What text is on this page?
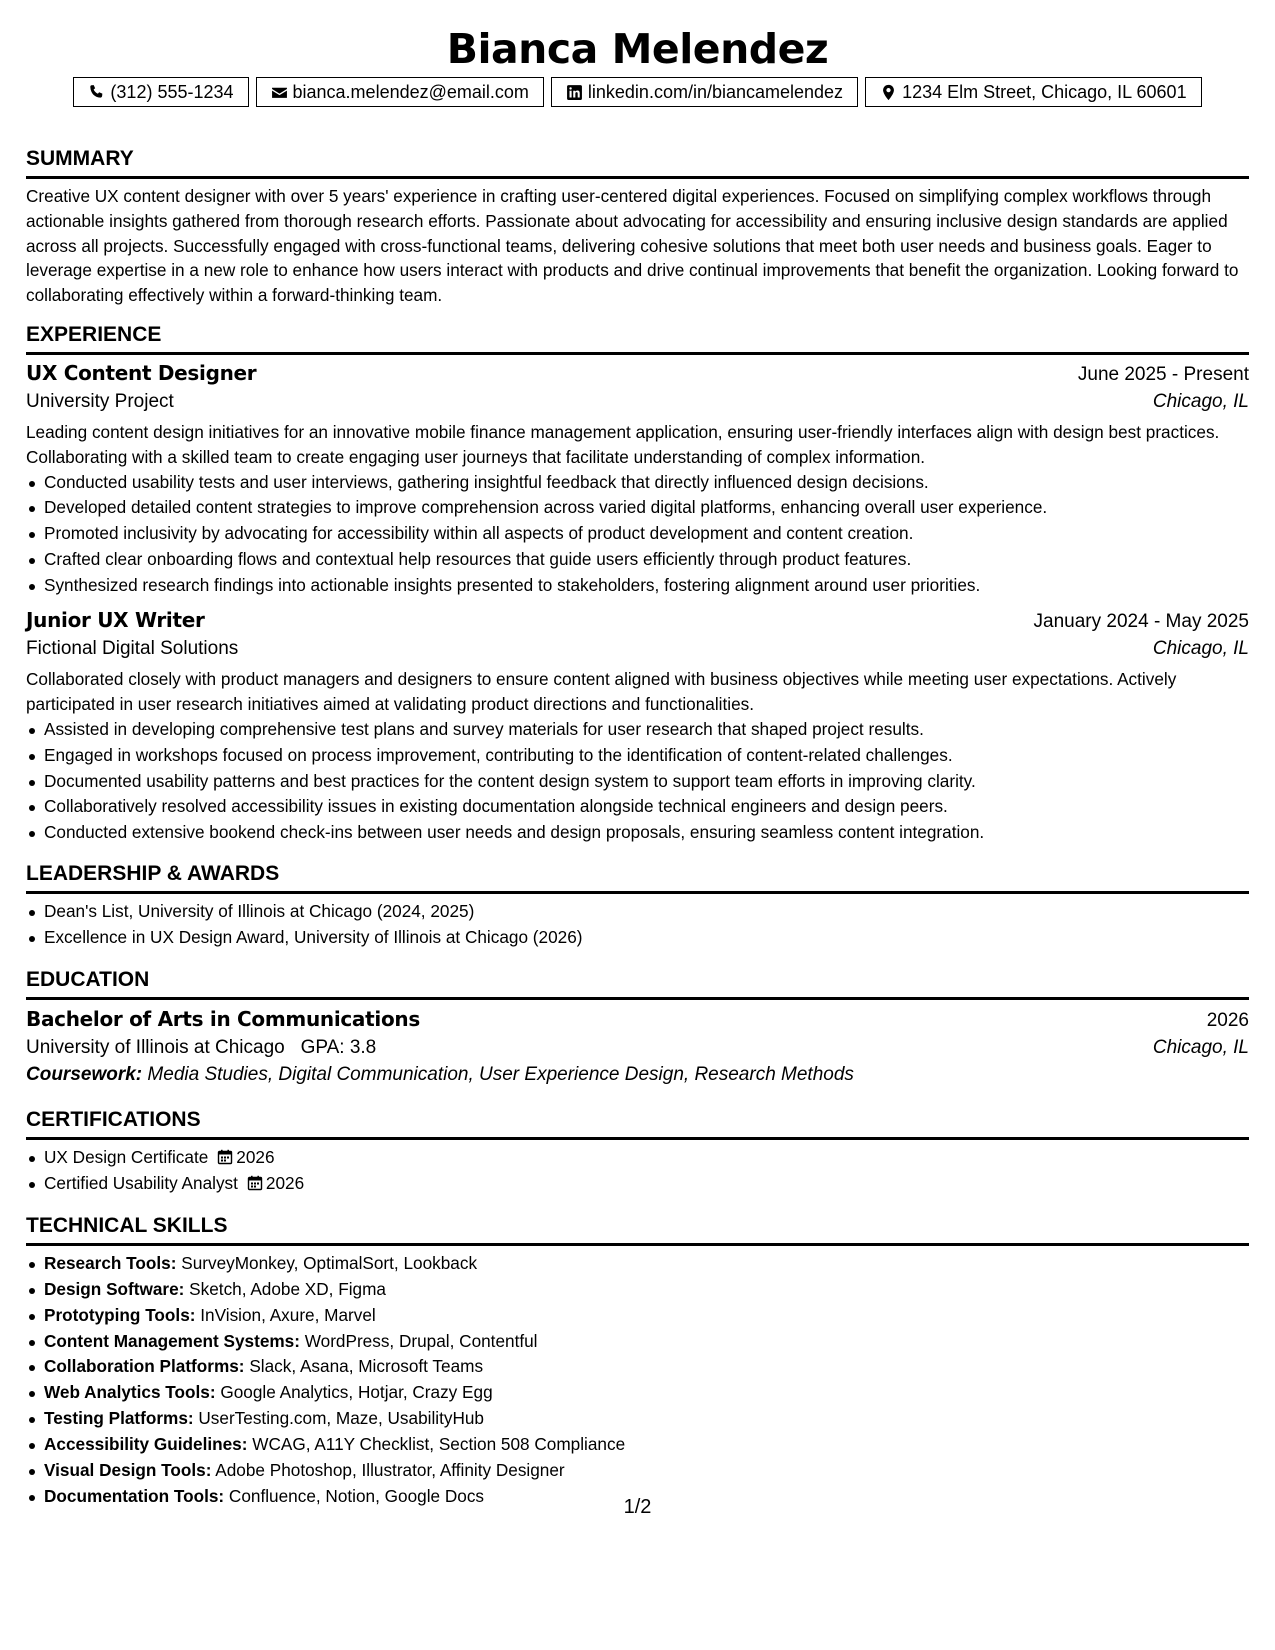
Bianca Melendez
(312) 555-1234	bianca.melendez@email.com	linkedin.com/in/biancamelendez	1234 Elm Street, Chicago, IL 60601
SUMMARY

Creative UX content designer with over 5 years' experience in crafting user-centered digital experiences. Focused on simplifying complex workflows through actionable insights gathered from thorough research efforts. Passionate about advocating for accessibility and ensuring inclusive design standards are applied across all projects. Successfully engaged with cross-functional teams, delivering cohesive solutions that meet both user needs and business goals. Eager to leverage expertise in a new role to enhance how users interact with products and drive continual improvements that benefit the organization. Looking forward to collaborating effectively within a forward-thinking team.

EXPERIENCE
UX Content Designer	June 2025 - Present
University Project	Chicago, IL

Leading content design initiatives for an innovative mobile finance management application, ensuring user-friendly interfaces align with design best practices. Collaborating with a skilled team to create engaging user journeys that facilitate understanding of complex information.

Conducted usability tests and user interviews, gathering insightful feedback that directly influenced design decisions.
Developed detailed content strategies to improve comprehension across varied digital platforms, enhancing overall user experience.
Promoted inclusivity by advocating for accessibility within all aspects of product development and content creation.
Crafted clear onboarding flows and contextual help resources that guide users efficiently through product features.
Synthesized research findings into actionable insights presented to stakeholders, fostering alignment around user priorities.
Junior UX Writer	January 2024 - May 2025
Fictional Digital Solutions	Chicago, IL

Collaborated closely with product managers and designers to ensure content aligned with business objectives while meeting user expectations. Actively participated in user research initiatives aimed at validating product directions and functionalities.

Assisted in developing comprehensive test plans and survey materials for user research that shaped project results.
Engaged in workshops focused on process improvement, contributing to the identification of content-related challenges.
Documented usability patterns and best practices for the content design system to support team efforts in improving clarity.
Collaboratively resolved accessibility issues in existing documentation alongside technical engineers and design peers.
Conducted extensive bookend check-ins between user needs and design proposals, ensuring seamless content integration.
LEADERSHIP & AWARDS
Dean's List, University of Illinois at Chicago (2024, 2025)
Excellence in UX Design Award, University of Illinois at Chicago (2026)
EDUCATION
Bachelor of Arts in Communications	2026
University of Illinois at Chicago GPA: 3.8	Chicago, IL
Coursework: Media Studies, Digital Communication, User Experience Design, Research Methods
CERTIFICATIONS
UX Design Certificate 2026
Certified Usability Analyst 2026
TECHNICAL SKILLS
Research Tools: SurveyMonkey, OptimalSort, Lookback
Design Software: Sketch, Adobe XD, Figma
Prototyping Tools: InVision, Axure, Marvel
Content Management Systems: WordPress, Drupal, Contentful
Collaboration Platforms: Slack, Asana, Microsoft Teams
Web Analytics Tools: Google Analytics, Hotjar, Crazy Egg
Testing Platforms: UserTesting.com, Maze, UsabilityHub
Accessibility Guidelines: WCAG, A11Y Checklist, Section 508 Compliance
Visual Design Tools: Adobe Photoshop, Illustrator, Affinity Designer
Documentation Tools: Confluence, Notion, Google Docs	1/2
